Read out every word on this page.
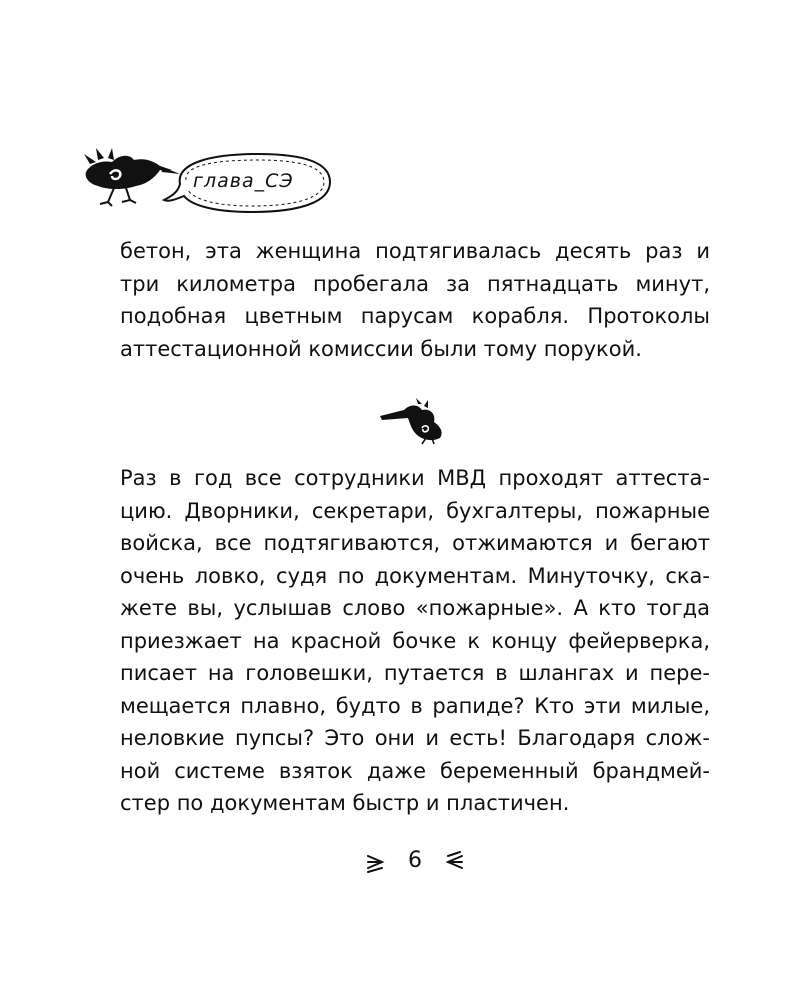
глава_СЭ

бетон, эта женщина подтягивалась десять раз и
три километра пробегала за пятнадцать минут,
подобная цветным парусам корабля. Протоколы
аттестационной комиссии были тому порукой.

Раз в год все сотрудники МВД проходят аттеста-
цию. Дворники, секретари, бухгалтеры, пожарные
войска, все подтягиваются, отжимаются и бегают
очень ловко, судя по документам. Минуточку, ска-
жете вы, услышав слово «пожарные». А кто тогда
приезжает на красной бочке к концу фейерверка,
писает на головешки, путается в шлангах и пере-
мещается плавно, будто в рапиде? Кто эти милые,
неловкие пупсы? Это они и есть! Благодаря слож-
ной системе взяток даже беременный брандмей-
стер по документам быстр и пластичен.

6
